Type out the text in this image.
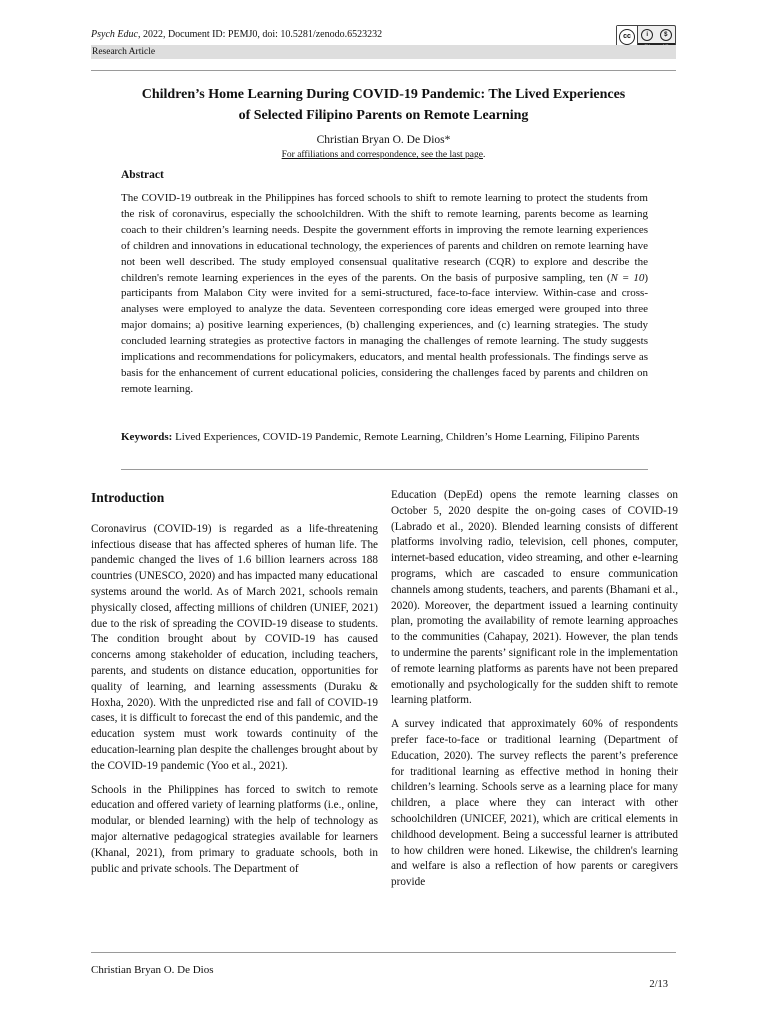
Psych Educ, 2022, Document ID: PEMJ0, doi: 10.5281/zenodo.6523232	cc	i	$
Research Article
Children’s Home Learning During COVID-19 Pandemic: The Lived Experiences
of Selected Filipino Parents on Remote Learning
Christian Bryan O. De Dios*
For affiliations and correspondence, see the last page.
Abstract
The COVID-19 outbreak in the Philippines has forced schools to shift to remote learning to protect the students from the risk of coronavirus, especially the schoolchildren. With the shift to remote learning, parents become as learning coach to their children’s learning needs. Despite the government efforts in improving the remote learning experiences of children and innovations in educational technology, the experiences of parents and children on remote learning have not been well described. The study employed consensual qualitative research (CQR) to explore and describe the children's remote learning experiences in the eyes of the parents. On the basis of purposive sampling, ten (N = 10) participants from Malabon City were invited for a semi-structured, face-to-face interview. Within-case and cross-analyses were employed to analyze the data. Seventeen corresponding core ideas emerged were grouped into three major domains; a) positive learning experiences, (b) challenging experiences, and (c) learning strategies. The study concluded learning strategies as protective factors in managing the challenges of remote learning. The study suggests implications and recommendations for policymakers, educators, and mental health professionals. The findings serve as basis for the enhancement of current educational policies, considering the challenges faced by parents and children on remote learning.
Keywords: Lived Experiences, COVID-19 Pandemic, Remote Learning, Children’s Home Learning, Filipino Parents
Introduction

Coronavirus (COVID-19) is regarded as a life-threatening infectious disease that has affected spheres of human life. The pandemic changed the lives of 1.6 billion learners across 188 countries (UNESCO, 2020) and has impacted many educational systems around the world. As of March 2021, schools remain physically closed, affecting millions of children (UNIEF, 2021) due to the risk of spreading the COVID-19 disease to students. The condition brought about by COVID-19 has caused concerns among stakeholder of education, including teachers, parents, and students on distance education, opportunities for quality of learning, and learning assessments (Duraku & Hoxha, 2020). With the unpredicted rise and fall of COVID-19 cases, it is difficult to forecast the end of this pandemic, and the education system must work towards continuity of the education-learning plan despite the challenges brought about by the COVID-19 pandemic (Yoo et al., 2021).

Schools in the Philippines has forced to switch to remote education and offered variety of learning platforms (i.e., online, modular, or blended learning) with the help of technology as major alternative pedagogical strategies available for learners (Khanal, 2021), from primary to graduate schools, both in public and private schools. The Department of

Education (DepEd) opens the remote learning classes on October 5, 2020 despite the on-going cases of COVID-19 (Labrado et al., 2020). Blended learning consists of different platforms involving radio, television, cell phones, computer, internet-based education, video streaming, and other e-learning programs, which are cascaded to ensure communication channels among students, teachers, and parents (Bhamani et al., 2020). Moreover, the department issued a learning continuity plan, promoting the availability of remote learning approaches to the communities (Cahapay, 2021). However, the plan tends to undermine the parents’ significant role in the implementation of remote learning platforms as parents have not been prepared emotionally and psychologically for the sudden shift to remote learning platform.

A survey indicated that approximately 60% of respondents prefer face-to-face or traditional learning (Department of Education, 2020). The survey reflects the parent’s preference for traditional learning as effective method in honing their children’s learning. Schools serve as a learning place for many children, a place where they can interact with other schoolchildren (UNICEF, 2021), which are critical elements in childhood development. Being a successful learner is attributed to how children were honed. Likewise, the children's learning and welfare is also a reflection of how parents or caregivers provide

Christian Bryan O. De Dios
2/13
